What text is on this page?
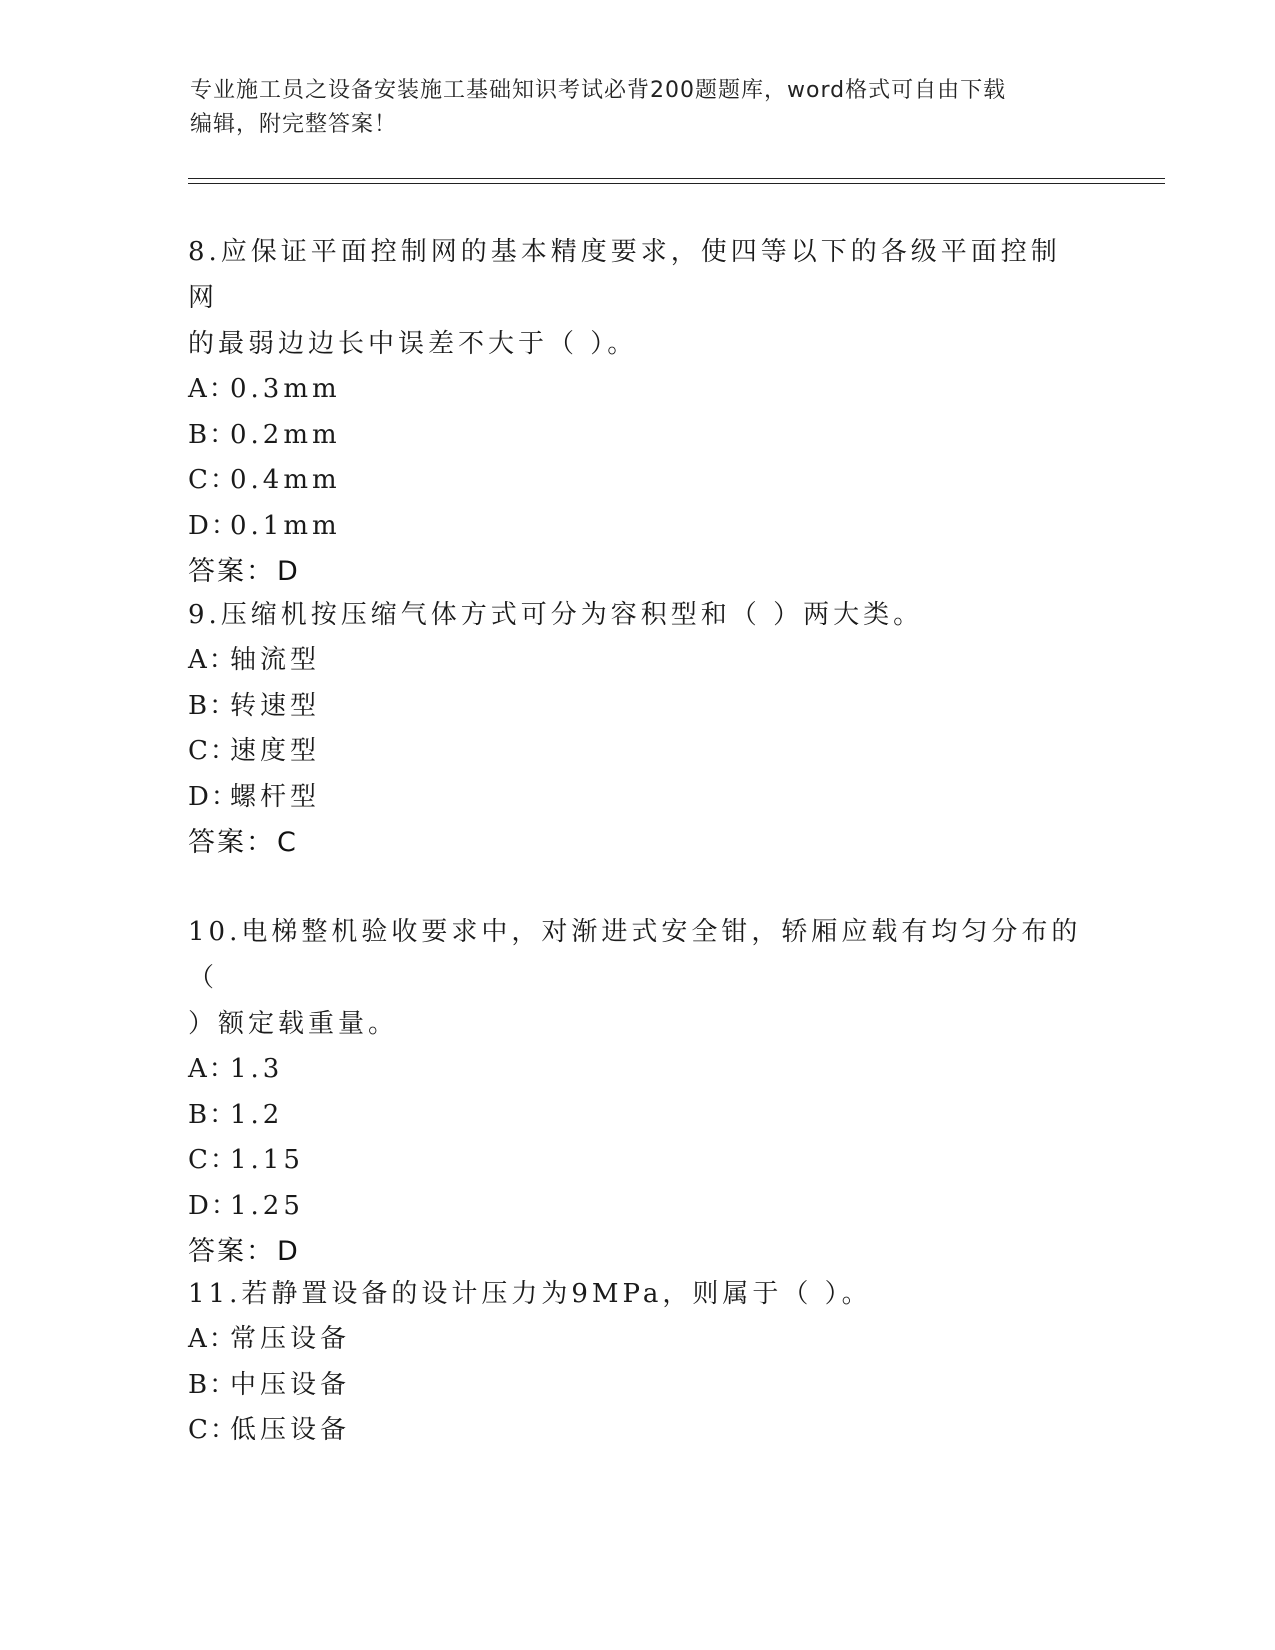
专业施工员之设备安装施工基础知识考试必背200题题库，word格式可自由下载
编辑，附完整答案！

8.应保证平面控制网的基本精度要求，使四等以下的各级平面控制网
的最弱边边长中误差不大于（ ）。

A：0.3mm

B：0.2mm

C：0.4mm

D：0.1mm

答案：D

9.压缩机按压缩气体方式可分为容积型和（ ）两大类。

A：轴流型

B：转速型

C：速度型

D：螺杆型

答案：C

10.电梯整机验收要求中，对渐进式安全钳，轿厢应载有均匀分布的（
）额定载重量。

A：1.3

B：1.2

C：1.15

D：1.25

答案：D

11.若静置设备的设计压力为9MPa，则属于（ ）。

A：常压设备

B：中压设备

C：低压设备
